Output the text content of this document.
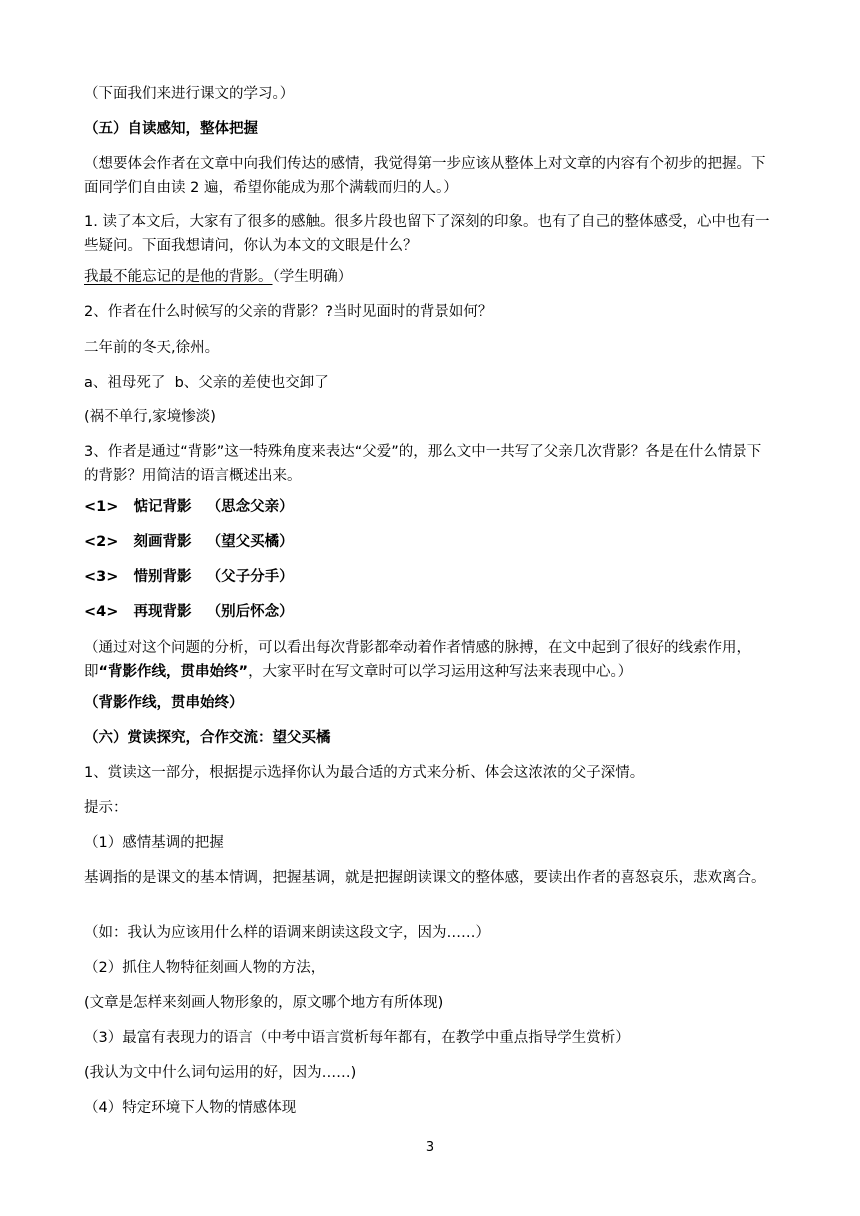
（下面我们来进行课文的学习。）

（五）自读感知，整体把握

（想要体会作者在文章中向我们传达的感情，我觉得第一步应该从整体上对文章的内容有个初步的把握。下面同学们自由读 2 遍，希望你能成为那个满载而归的人。）

1. 读了本文后，大家有了很多的感触。很多片段也留下了深刻的印象。也有了自己的整体感受，心中也有一些疑问。下面我想请问，你认为本文的文眼是什么？

我最不能忘记的是他的背影。（学生明确）

2、作者在什么时候写的父亲的背影？?当时见面时的背景如何？

二年前的冬天,徐州。

a、祖母死了  b、父亲的差使也交卸了

(祸不单行,家境惨淡)

3、作者是通过“背影”这一特殊角度来表达“父爱”的，那么文中一共写了父亲几次背影？各是在什么情景下的背影？用简洁的语言概述出来。

<1>   惦记背影   （思念父亲）

<2>   刻画背影   （望父买橘）

<3>   惜别背影   （父子分手）

<4>   再现背影   （别后怀念）

（通过对这个问题的分析，可以看出每次背影都牵动着作者情感的脉搏，在文中起到了很好的线索作用，即“背影作线，贯串始终”，大家平时在写文章时可以学习运用这种写法来表现中心。）

（背影作线，贯串始终）

（六）赏读探究，合作交流：望父买橘

1、赏读这一部分，根据提示选择你认为最合适的方式来分析、体会这浓浓的父子深情。

提示：

（1）感情基调的把握

基调指的是课文的基本情调，把握基调，就是把握朗读课文的整体感，要读出作者的喜怒哀乐，悲欢离合。

（如：我认为应该用什么样的语调来朗读这段文字，因为……）

（2）抓住人物特征刻画人物的方法，

(文章是怎样来刻画人物形象的，原文哪个地方有所体现)

（3）最富有表现力的语言（中考中语言赏析每年都有，在教学中重点指导学生赏析）

(我认为文中什么词句运用的好，因为……)

（4）特定环境下人物的情感体现

3
